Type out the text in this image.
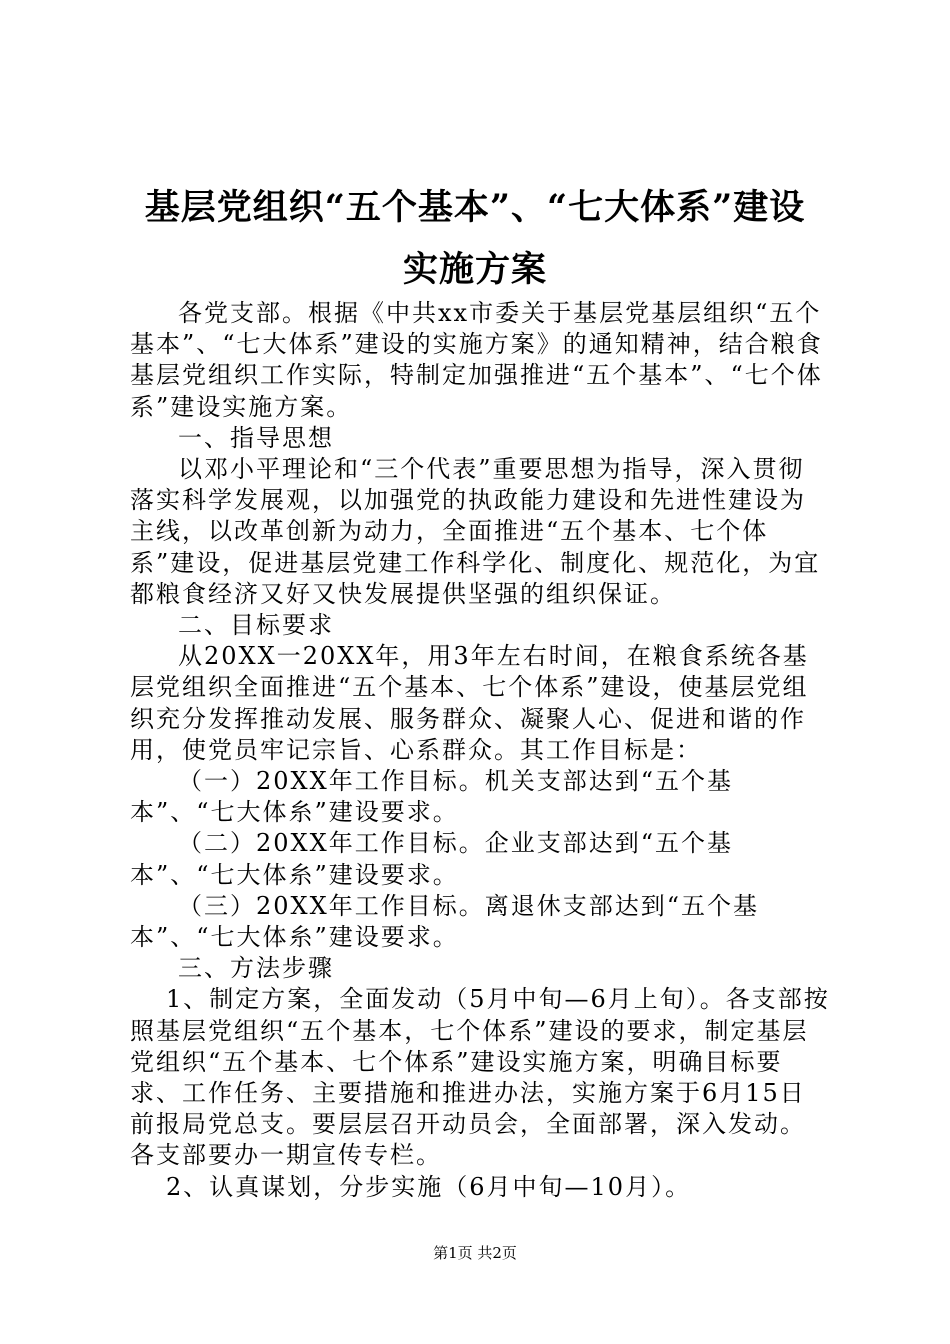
基层党组织“五个基本”、“七大体系”建设
实施方案

各党支部。根据《中共xx市委关于基层党基层组织“五个基本”、“七大体系”建设的实施方案》的通知精神，结合粮食基层党组织工作实际，特制定加强推进“五个基本”、“七个体系”建设实施方案。

一、指导思想

以邓小平理论和“三个代表”重要思想为指导，深入贯彻落实科学发展观，以加强党的执政能力建设和先进性建设为主线，以改革创新为动力，全面推进“五个基本、七个体系”建设，促进基层党建工作科学化、制度化、规范化，为宜都粮食经济又好又快发展提供坚强的组织保证。

二、目标要求

从20XX一20XX年，用3年左右时间，在粮食系统各基层党组织全面推进“五个基本、七个体系”建设，使基层党组织充分发挥推动发展、服务群众、凝聚人心、促进和谐的作用，使党员牢记宗旨、心系群众。其工作目标是：

（一）20XX年工作目标。机关支部达到“五个基本”、“七大体糸”建设要求。

（二）20XX年工作目标。企业支部达到“五个基本”、“七大体糸”建设要求。

（三）20XX年工作目标。离退休支部达到“五个基本”、“七大体糸”建设要求。

三、方法步骤

1、制定方案，全面发动（5月中旬—6月上旬）。各支部按照基层党组织“五个基本，七个体系”建设的要求，制定基层党组织“五个基本、七个体系”建设实施方案，明确目标要求、工作任务、主要措施和推进办法，实施方案于6月15日前报局党总支。要层层召开动员会，全面部署，深入发动。各支部要办一期宣传专栏。

2、认真谋划，分步实施（6月中旬—10月）。

第1页 共2页
